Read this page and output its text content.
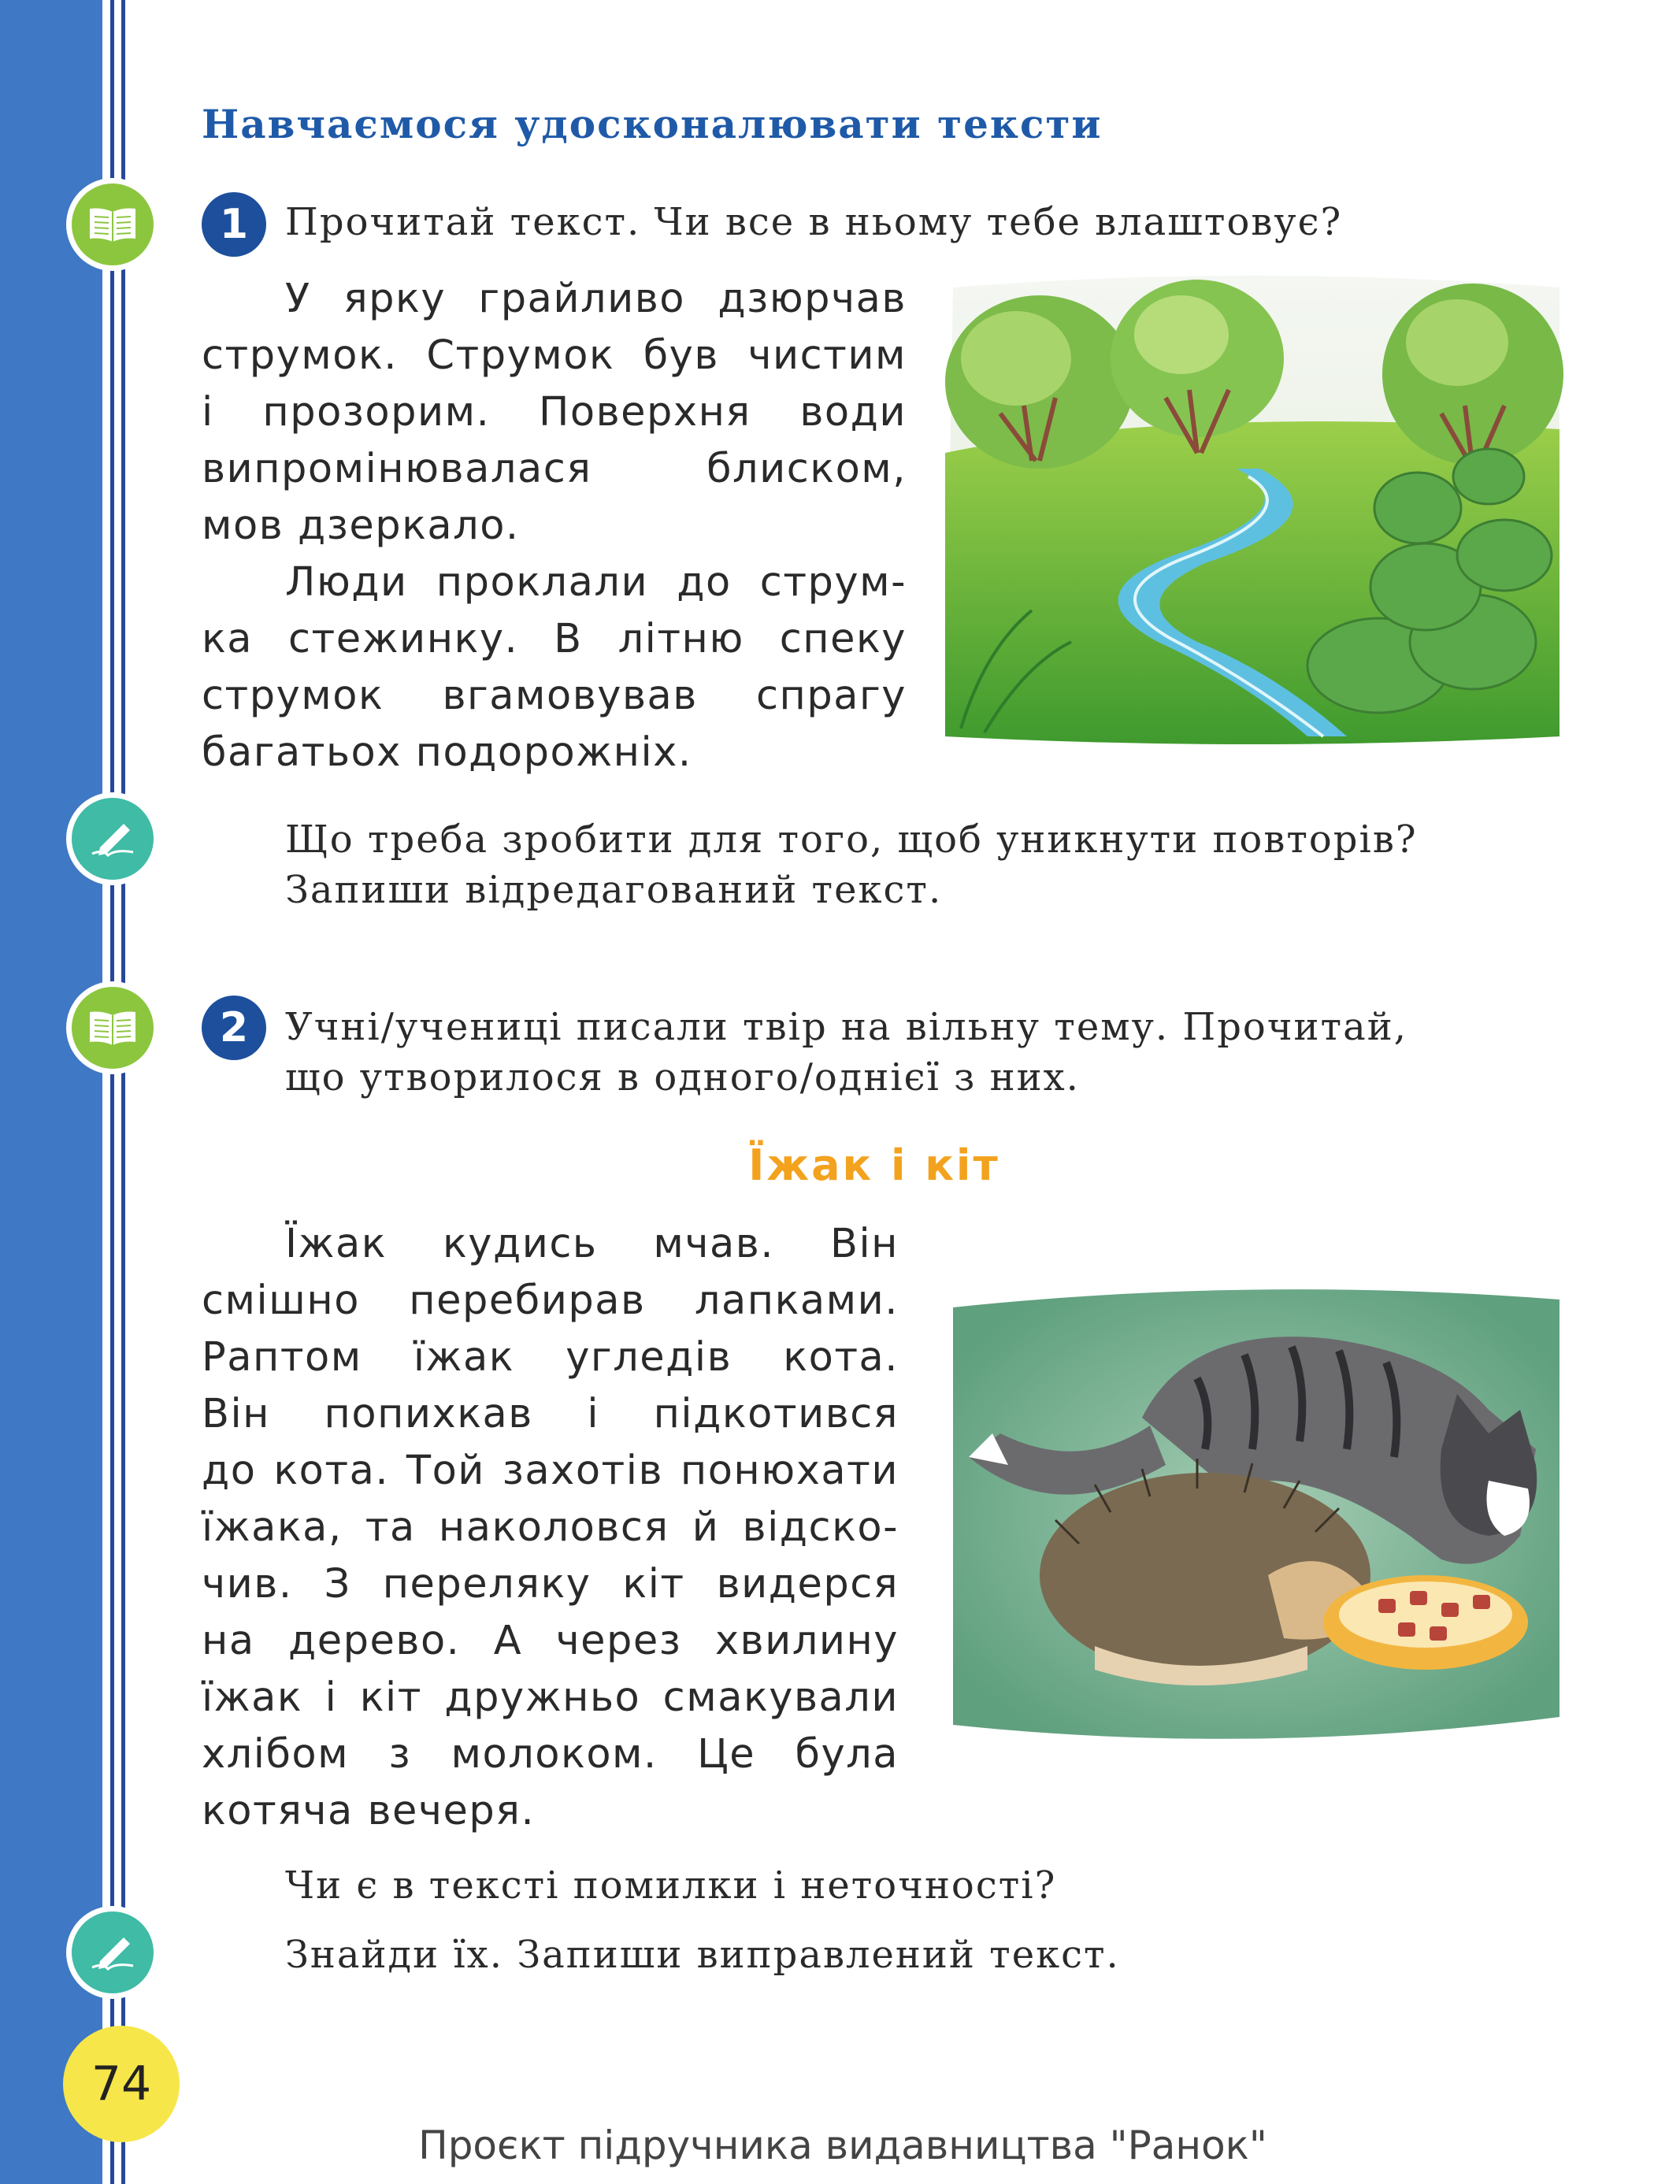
Навчаємося удосконалювати тексти
1 Прочитай текст. Чи все в ньому тебе влаштовує?

У ярку грайливо дзюрчав
струмок. Струмок був чистим
і прозорим. Поверхня води
випромінювалася блиском,
мов дзеркало.
Люди проклали до струм-
ка стежинку. В літню спеку
струмок вгамовував спрагу
багатьох подорожніх.

Що треба зробити для того, щоб уникнути повторів?

Запиши відредагований текст.

2 Учні/учениці писали твір на вільну тему. Прочитай,

що утворилося в одного/однієї з них.

Їжак і кіт
Їжак кудись мчав. Він
смішно перебирав лапками.
Раптом їжак угледів кота.
Він попихкав і підкотився
до кота. Той захотів понюхати
їжака, та наколовся й відско-
чив. З переляку кіт видерся
на дерево. А через хвилину
їжак і кіт дружньо смакували
хлібом з молоком. Це була
котяча вечеря.

Чи є в тексті помилки і неточності?

Знайди їх. Запиши виправлений текст.

74
Проєкт підручника видавництва "Ранок"
